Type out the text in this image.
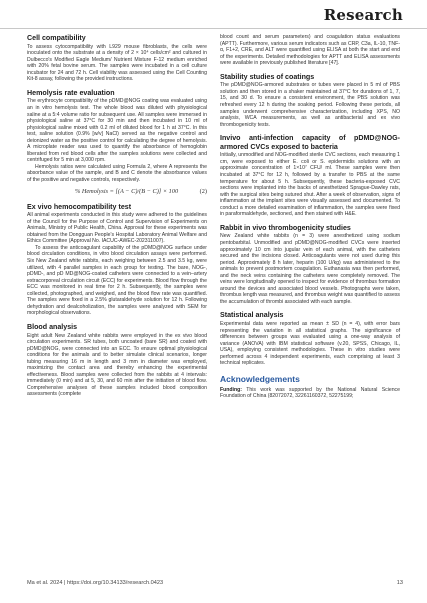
Research
Cell compatibility

To assess cytocompatibility with L929 mouse fibroblasts, the cells were inoculated onto the substrate at a density of 2 × 10⁴ cells/cm² and cultured in Dulbecco's Modified Eagle Medium/ Nutrient Mixture F-12 medium enriched with 20% fetal bovine serum. The samples were incubated in a cell culture incubator for 24 and 72 h. Cell viability was assessed using the Cell Counting Kit-8 assay, following the provided instructions.

Hemolysis rate evaluation

The erythrocyte compatibility of the pDMD@NOG coating was evaluated using an in vitro hemolysis test. The whole blood was diluted with physiological saline at a 5:4 volume ratio for subsequent use. All samples were immersed in physiological saline at 37°C for 30 min and then incubated in 10 ml of physiological saline mixed with 0.2 ml of diluted blood for 1 h at 37°C. In this test, saline solution (0.9% [w/v] NaCl) served as the negative control and deionized water as the positive control for calculating the degree of hemolysis. A microplate reader was used to quantify the absorbance of hemoglobin liberated from red blood cells after the samples solutions were collected and centrifuged for 5 min at 3,000 rpm.

Hemolysis ratios were calculated using Formula 2, where A represents the absorbance value of the sample, and B and C denote the absorbance values of the positive and negative controls, respectively.

% Hemolysis = [(A − C)/(B − C)] × 100	(2)
Ex vivo hemocompatibility test

All animal experiments conducted in this study were adhered to the guidelines of the Council for the Purpose of Control and Supervision of Experiments on Animals, Ministry of Public Health, China. Approval for these experiments was obtained from the Dongguan People's Hospital Laboratory Animal Welfare and Ethics Committee (Approval No. IACUC-AWEC-202311007).

To assess the anticoagulant capability of the pDMD@NOG surface under blood circulation conditions, in vitro blood circulation assays were performed. Six New Zealand white rabbits, each weighing between 2.5 and 3.5 kg, were utilized, with 4 parallel samples in each group for testing. The bare, NOG-, pDMD-, and pD MD@NOG-coated catheters were connected to a vein–artery extracorporeal circulation circuit (ECC) for experiments. Blood flow through the ECC was monitored in real time for 2 h. Subsequently, the samples were collected, photographed, and weighed, and the blood flow rate was quantified. The samples were fixed in a 2.5% glutaraldehyde solution for 12 h. Following dehydration and dealcoholization, the samples were analyzed with SEM for morphological observations.

Blood analysis

Eight adult New Zealand white rabbits were employed in the ex vivo blood circulation experiments. SR tubes, both uncoated (bare SR) and coated with pDMD@NOG, were connected into an ECC. To ensure optimal physiological conditions for the animals and to better simulate clinical scenarios, longer tubing measuring 16 m in length and 3 mm in diameter was employed, maximizing the contact area and thereby enhancing the experimental effectiveness. Blood samples were collected from the rabbits at 4 intervals: immediately (0 min) and at 5, 30, and 60 min after the initiation of blood flow. Comprehensive analyses of these samples included blood composition assessments (complete

blood count and serum parameters) and coagulation status evaluations (APTT). Furthermore, various serum indicators such as CRP, C3a, IL-10, TNF-α, F1+2, CRE, and ALT were quantified using ELISA at both the start and end of the experiments. Detailed methodologies for APTT and ELISA assessments were available in previously published literature [47].

Stability studies of coatings

The pDMD@NOG-armored substrates or tubes were placed in 5 ml of PBS solution and then stored in a shaker maintained at 37°C for durations of 1, 7, 15, and 30 d. To ensure a consistent environment, the PBS solution was refreshed every 12 h during the soaking period. Following these periods, all samples underwent comprehensive characterization, including XPS, NO analysis, WCA measurements, as well as antibacterial and ex vivo thrombogenicity tests.

Invivo anti-infection capacity of pDMD@NOG-armored CVCs exposed to bacteria

Initially, unmodified and NOG-modified sterile CVC sections, each measuring 1 cm, were exposed to either E. coli or S. epidermidis solutions with an approximate concentration of 1×10⁷ CFU/ ml. These samples were then incubated at 37°C for 12 h, followed by a transfer to PBS at the same temperature for about 5 h. Subsequently, these bacteria-exposed CVC sections were implanted into the backs of anesthetized Sprague-Dawley rats, with the surgical sites being sutured shut. After a week of observation, signs of inflammation at the implant sites were visually assessed and documented. To conduct a more detailed examination of inflammation, the samples were fixed in paraformaldehyde, sectioned, and then stained with H&E.

Rabbit in vivo thrombogenicity studies

New Zealand white rabbits (n = 3) were anesthetized using sodium pentobarbital. Unmodified and pDMD@NOG-modified CVCs were inserted approximately 10 cm into jugular vein of each animal, with the catheters secured and the incisions closed. Anticoagulants were not used during this period. Approximately 8 h later, heparin (100 U/kg) was administered to the animals to prevent postmortem coagulation. Euthanasia was then performed, and the neck veins containing the catheters were completely removed. The veins were longitudinally opened to inspect for evidence of thrombus formation around the devices and associated blood vessels. Photographs were taken, thrombus length was measured, and thrombus weight was quantified to assess the accumulation of thrombi associated with each sample.

Statistical analysis

Experimental data were reported as mean ± SD (n = 4), with error bars representing the variation in all statistical graphs. The significance of differences between groups was evaluated using a one-way analysis of variance (ANOVA) with IBM statistical software (v.20, SPSS, Chicago, IL, USA), employing consistent methodologies. These in vitro studies were performed across 4 independent experiments, each comprising at least 3 technical replicates.

Acknowledgements

Funding: This work was supported by the National Natural Science Foundation of China (82072072, 32261160372, 52275199;

Ma et al. 2024 | https://doi.org/10.34133/research.0423	13
